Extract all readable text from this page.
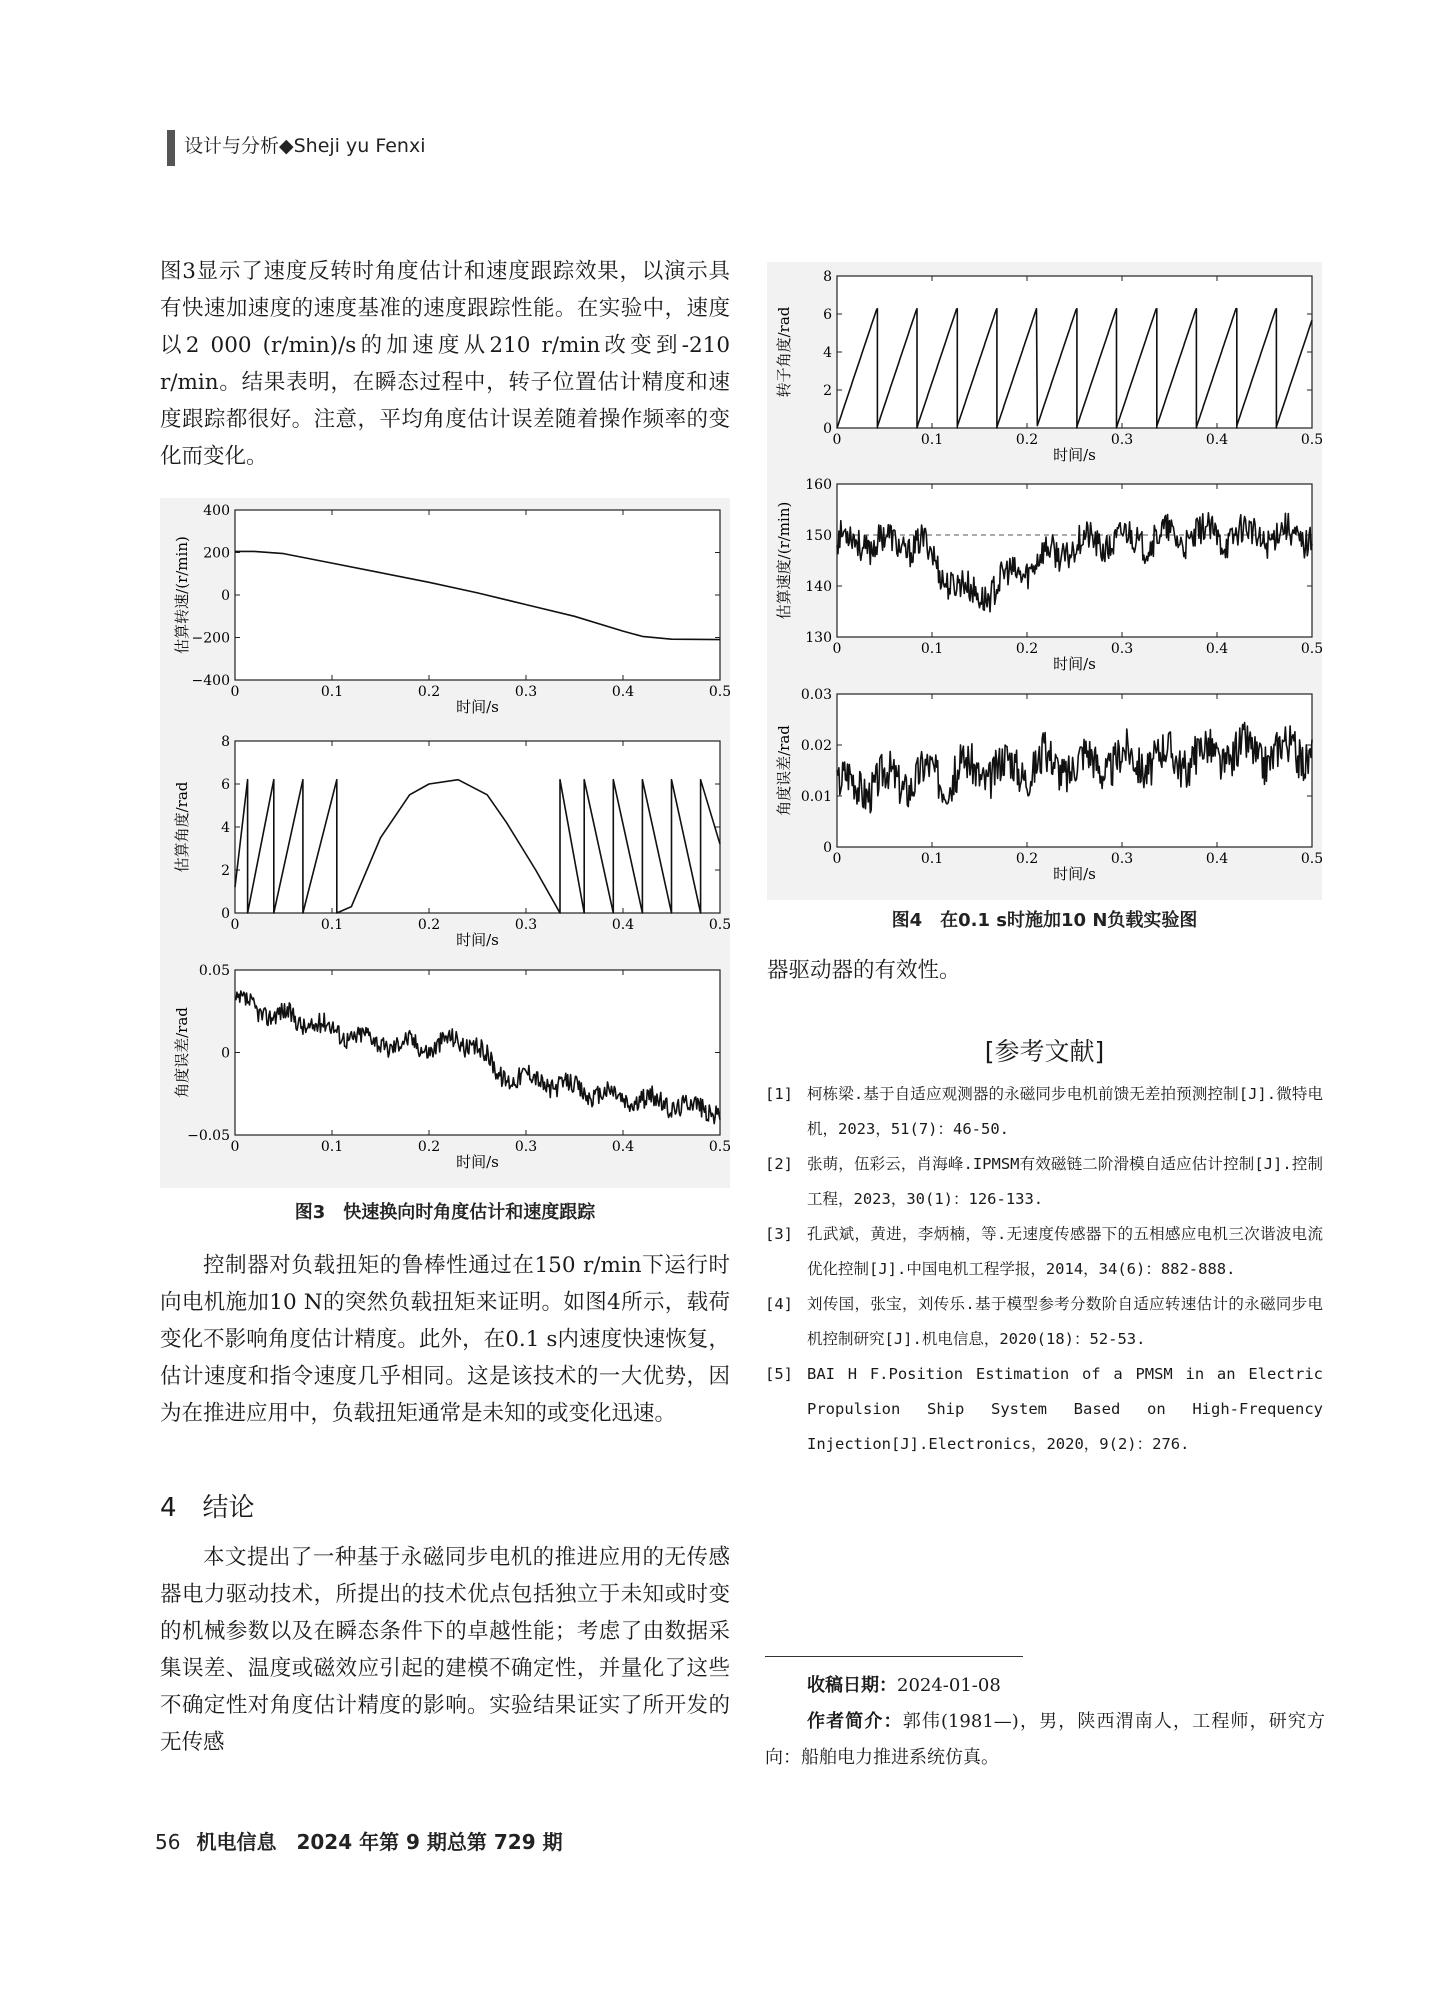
设计与分析◆Sheji yu Fenxi

图3显示了速度反转时角度估计和速度跟踪效果，以演示具有快速加速度的速度基准的速度跟踪性能。在实验中，速度以2 000 (r/min)/s的加速度从210 r/min改变到-210 r/min。结果表明，在瞬态过程中，转子位置估计精度和速度跟踪都很好。注意，平均角度估计误差随着操作频率的变化而变化。

0	0.1	0.2	0.3	0.4	0.5
400
200
0
−200
−400
时间/s
估算转速/(r/min)
0	0.1	0.2	0.3	0.4	0.5
8
6
4
2
0
时间/s
估算角度/rad
0	0.1	0.2	0.3	0.4	0.5
0.05
0
−0.05
时间/s
角度误差/rad
图3　快速换向时角度估计和速度跟踪

控制器对负载扭矩的鲁棒性通过在150 r/min下运行时向电机施加10 N的突然负载扭矩来证明。如图4所示，载荷变化不影响角度估计精度。此外，在0.1 s内速度快速恢复，估计速度和指令速度几乎相同。这是该技术的一大优势，因为在推进应用中，负载扭矩通常是未知的或变化迅速。

4　结论

本文提出了一种基于永磁同步电机的推进应用的无传感器电力驱动技术，所提出的技术优点包括独立于未知或时变的机械参数以及在瞬态条件下的卓越性能；考虑了由数据采集误差、温度或磁效应引起的建模不确定性，并量化了这些不确定性对角度估计精度的影响。实验结果证实了所开发的无传感

0	0.1	0.2	0.3	0.4	0.5
8
6
4
2
0
时间/s
转子角度/rad
0	0.1	0.2	0.3	0.4	0.5
160
150
140
130
时间/s
估算速度/(r/min)
0	0.1	0.2	0.3	0.4	0.5
0.03
0.02
0.01
0
时间/s
角度误差/rad
图4　在0.1 s时施加10 N负载实验图

器驱动器的有效性。

[参考文献]
[1] 柯栋梁.基于自适应观测器的永磁同步电机前馈无差拍预测控制[J].微特电机，2023，51(7)：46-50.
[2] 张萌，伍彩云，肖海峰.IPMSM有效磁链二阶滑模自适应估计控制[J].控制工程，2023，30(1)：126-133.
[3] 孔武斌，黄进，李炳楠，等.无速度传感器下的五相感应电机三次谐波电流优化控制[J].中国电机工程学报，2014，34(6)：882-888.
[4] 刘传国，张宝，刘传乐.基于模型参考分数阶自适应转速估计的永磁同步电机控制研究[J].机电信息，2020(18)：52-53.
[5] BAI H F.Position Estimation of a PMSM in an Electric Propulsion Ship System Based on High-Frequency Injection[J].Electronics，2020，9(2)：276.
收稿日期：2024-01-08
作者简介：郭伟(1981—)，男，陕西渭南人，工程师，研究方向：船舶电力推进系统仿真。
56 机电信息　2024 年第 9 期总第 729 期
